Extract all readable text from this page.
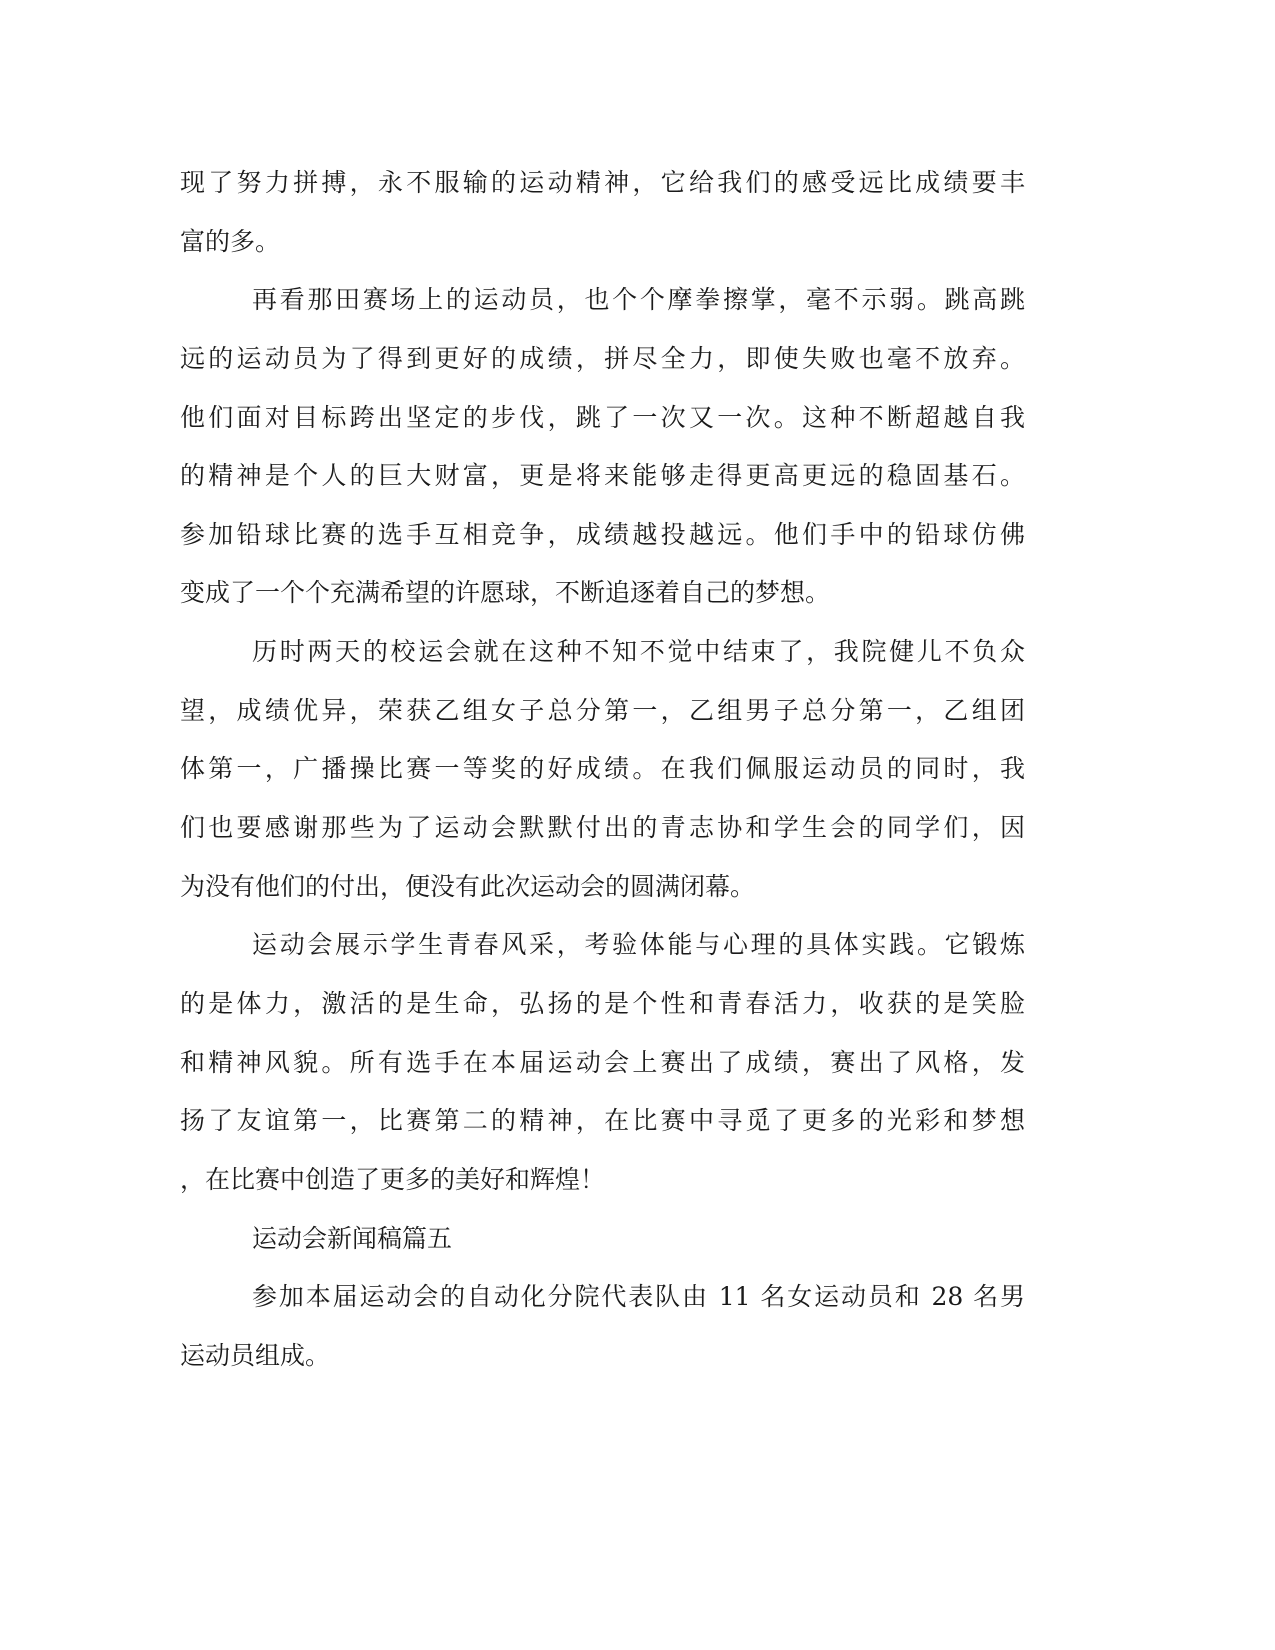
现了努力拼搏，永不服输的运动精神，它给我们的感受远比成绩要丰
富的多。
再看那田赛场上的运动员，也个个摩拳擦掌，毫不示弱。跳高跳
远的运动员为了得到更好的成绩，拼尽全力，即使失败也毫不放弃。
他们面对目标跨出坚定的步伐，跳了一次又一次。这种不断超越自我
的精神是个人的巨大财富，更是将来能够走得更高更远的稳固基石。
参加铅球比赛的选手互相竞争，成绩越投越远。他们手中的铅球仿佛
变成了一个个充满希望的许愿球，不断追逐着自己的梦想。
历时两天的校运会就在这种不知不觉中结束了，我院健儿不负众
望，成绩优异，荣获乙组女子总分第一，乙组男子总分第一，乙组团
体第一，广播操比赛一等奖的好成绩。在我们佩服运动员的同时，我
们也要感谢那些为了运动会默默付出的青志协和学生会的同学们，因
为没有他们的付出，便没有此次运动会的圆满闭幕。
运动会展示学生青春风采，考验体能与心理的具体实践。它锻炼
的是体力，激活的是生命，弘扬的是个性和青春活力，收获的是笑脸
和精神风貌。所有选手在本届运动会上赛出了成绩，赛出了风格，发
扬了友谊第一，比赛第二的精神，在比赛中寻觅了更多的光彩和梦想
，在比赛中创造了更多的美好和辉煌！
运动会新闻稿篇五
参加本届运动会的自动化分院代表队由 11 名女运动员和 28 名男
运动员组成。
